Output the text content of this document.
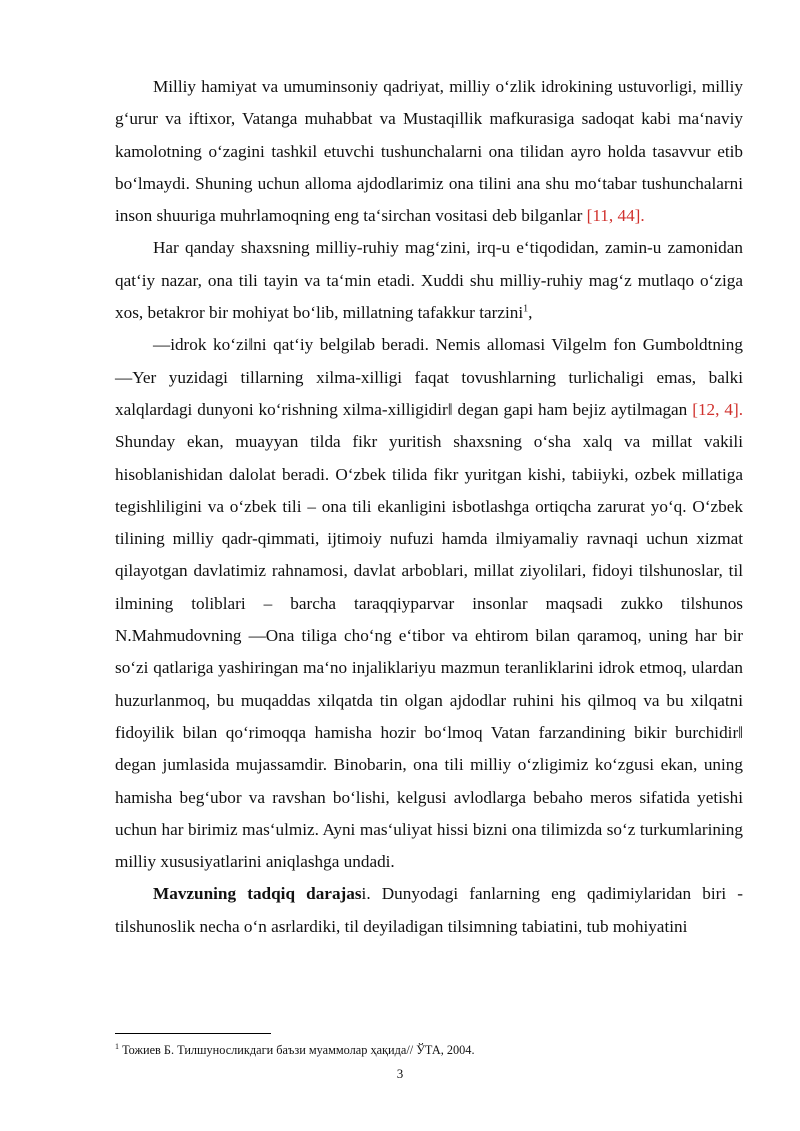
Milliy hamiyat va umuminsoniy qadriyat, milliy oʻzlik idrokining ustuvorligi, milliy gʻurur va iftixor, Vatanga muhabbat va Mustaqillik mafkurasiga sadoqat kabi maʻnaviy kamolotning oʻzagini tashkil etuvchi tushunchalarni ona tilidan ayro holda tasavvur etib boʻlmaydi. Shuning uchun alloma ajdodlarimiz ona tilini ana shu moʻtabar tushunchalarni inson shuuriga muhrlamoqning eng taʻsirchan vositasi deb bilganlar [11, 44].

Har qanday shaxsning milliy-ruhiy magʻzini, irq-u eʻtiqodidan, zamin-u zamonidan qatʻiy nazar, ona tili tayin va taʻmin etadi. Xuddi shu milliy-ruhiy magʻz mutlaqo oʻziga xos, betakror bir mohiyat boʻlib, millatning tafakkur tarzini$^1$,

―idrok koʻzi‖ni qatʻiy belgilab beradi. Nemis allomasi Vilgelm fon Gumboldtning ―Yer yuzidagi tillarning xilma-xilligi faqat tovushlarning turlichaligi emas, balki xalqlardagi dunyoni koʻrishning xilma-xilligidir‖ degan gapi ham bejiz aytilmagan [12, 4]. Shunday ekan, muayyan tilda fikr yuritish shaxsning oʻsha xalq va millat vakili hisoblanishidan dalolat beradi. Oʻzbek tilida fikr yuritgan kishi, tabiiyki, ozbek millatiga tegishliligini va oʻzbek tili – ona tili ekanligini isbotlashga ortiqcha zarurat yoʻq. Oʻzbek tilining milliy qadr-qimmati, ijtimoiy nufuzi hamda ilmiyamaliy ravnaqi uchun xizmat qilayotgan davlatimiz rahnamosi, davlat arboblari, millat ziyolilari, fidoyi tilshunoslar, til ilmining toliblari – barcha taraqqiyparvar insonlar maqsadi zukko tilshunos N.Mahmudovning ―Ona tiliga choʻng eʻtibor va ehtirom bilan qaramoq, uning har bir soʻzi qatlariga yashiringan maʻno injaliklariyu mazmun teranliklarini idrok etmoq, ulardan huzurlanmoq, bu muqaddas xilqatda tin olgan ajdodlar ruhini his qilmoq va bu xilqatni fidoyilik bilan qoʻrimoqqa hamisha hozir boʻlmoq Vatan farzandining bikir burchidir‖ degan jumlasida mujassamdir. Binobarin, ona tili milliy oʻzligimiz koʻzgusi ekan, uning hamisha begʻubor va ravshan boʻlishi, kelgusi avlodlarga bebaho meros sifatida yetishi uchun har birimiz masʻulmiz. Ayni masʻuliyat hissi bizni ona tilimizda soʻz turkumlarining milliy xususiyatlarini aniqlashga undadi.

Mavzuning tadqiq darajasi. Dunyodagi fanlarning eng qadimiylaridan biri - tilshunoslik necha oʻn asrlardiki, til deyiladigan tilsimning tabiatini, tub mohiyatini

$^1$ Тожиев Б. Тилшуносликдаги баъзи муаммолар ҳақида// ЎТА, 2004.
3
